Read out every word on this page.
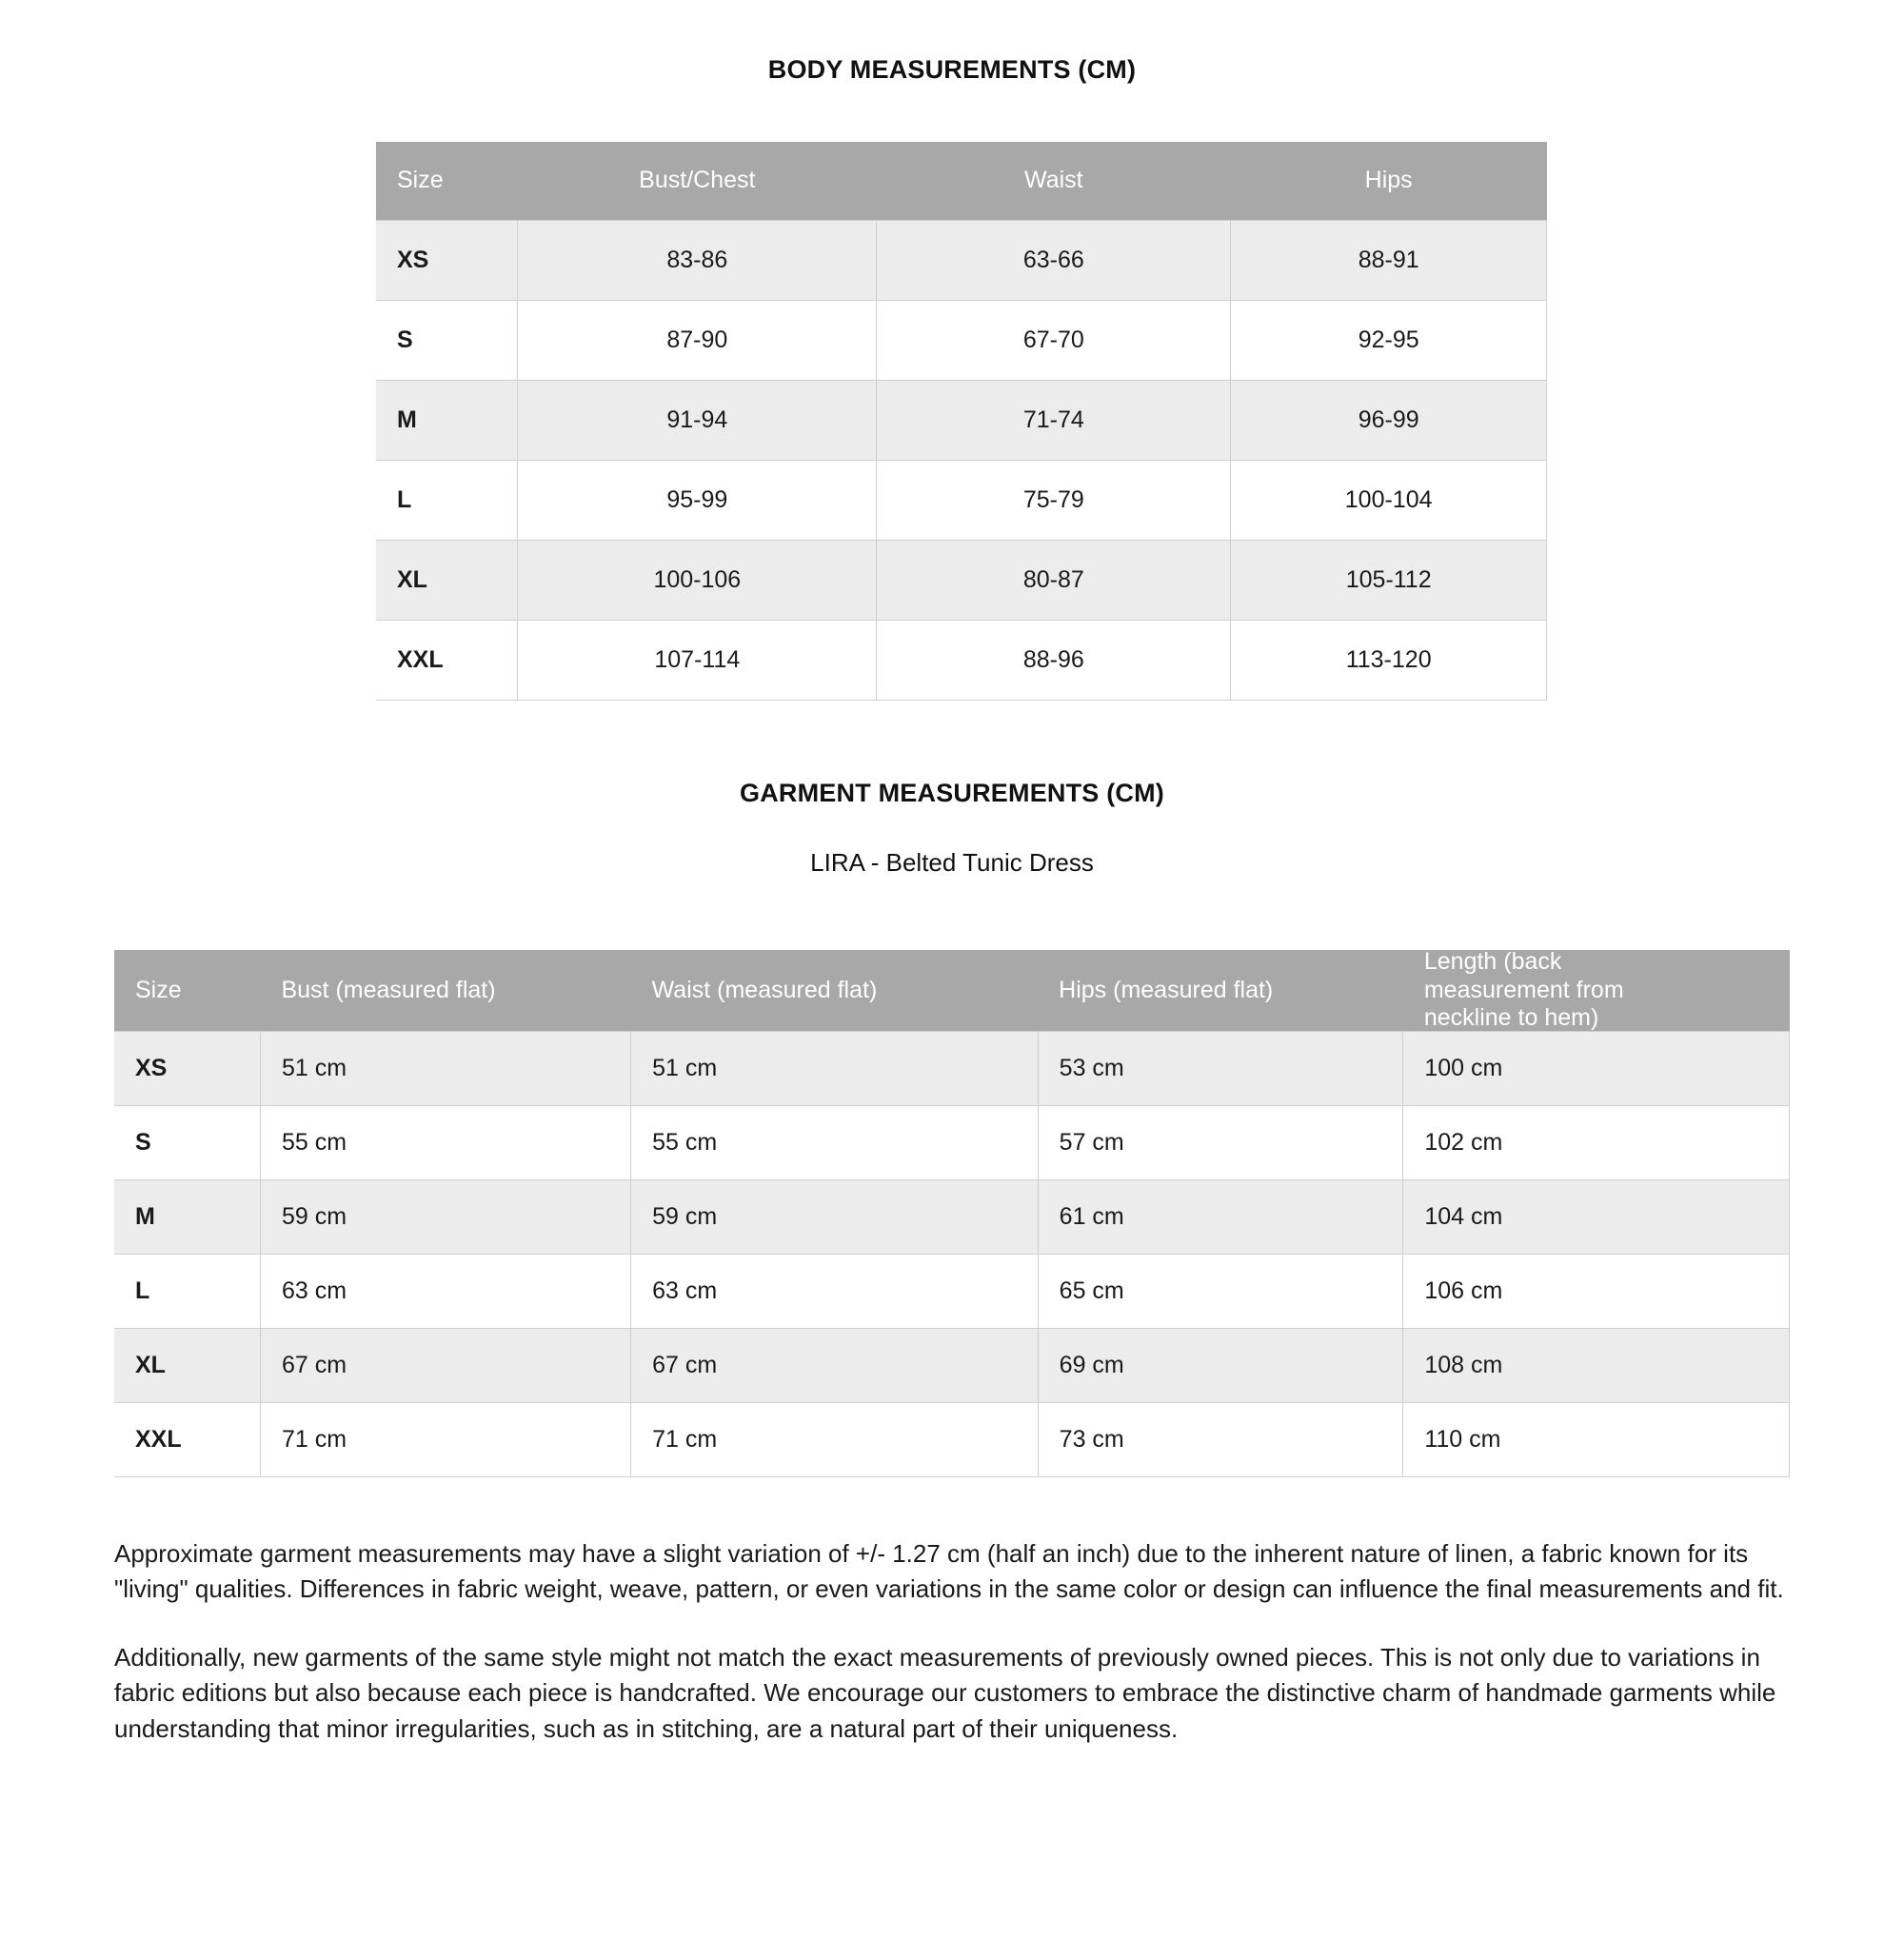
BODY MEASUREMENTS (CM)
Size	Bust/Chest	Waist	Hips
XS	83-86	63-66	88-91
S	87-90	67-70	92-95
M	91-94	71-74	96-99
L	95-99	75-79	100-104
XL	100-106	80-87	105-112
XXL	107-114	88-96	113-120
GARMENT MEASUREMENTS (CM)
LIRA - Belted Tunic Dress
Size	Bust (measured flat)	Waist (measured flat)	Hips (measured flat)	Length (back measurement from neckline to hem)

XS	51 cm	51 cm	53 cm	100 cm
S	55 cm	55 cm	57 cm	102 cm
M	59 cm	59 cm	61 cm	104 cm
L	63 cm	63 cm	65 cm	106 cm
XL	67 cm	67 cm	69 cm	108 cm
XXL	71 cm	71 cm	73 cm	110 cm

Approximate garment measurements may have a slight variation of +/- 1.27 cm (half an inch) due to the inherent nature of linen, a fabric known for its "living" qualities. Differences in fabric weight, weave, pattern, or even variations in the same color or design can influence the final measurements and fit.

Additionally, new garments of the same style might not match the exact measurements of previously owned pieces. This is not only due to variations in fabric editions but also because each piece is handcrafted. We encourage our customers to embrace the distinctive charm of handmade garments while understanding that minor irregularities, such as in stitching, are a natural part of their uniqueness.
